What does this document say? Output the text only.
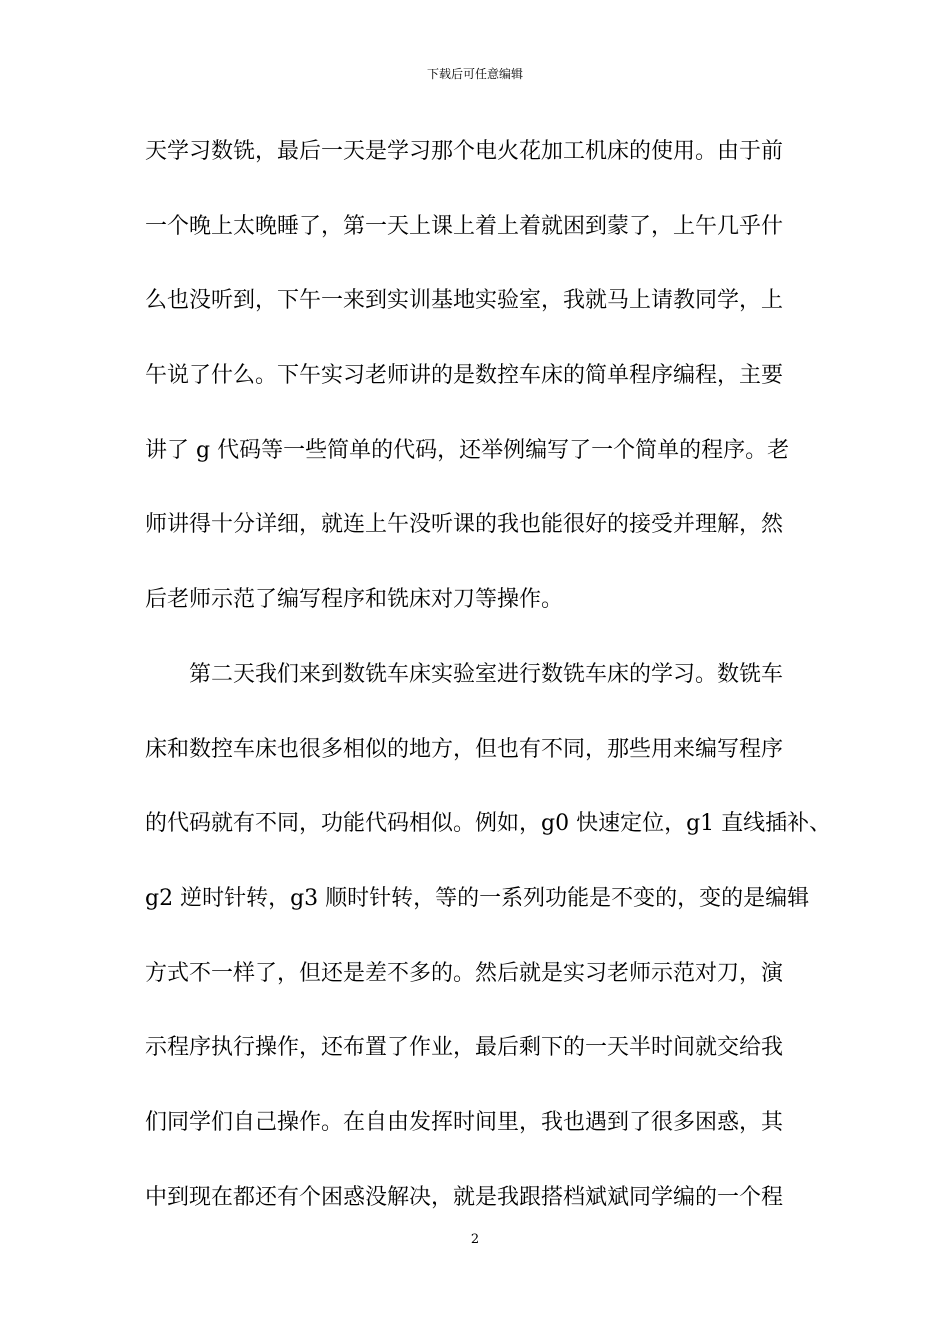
下载后可任意编辑
天学习数铣，最后一天是学习那个电火花加工机床的使用。由于前
一个晚上太晚睡了，第一天上课上着上着就困到蒙了，上午几乎什
么也没听到，下午一来到实训基地实验室，我就马上请教同学，上
午说了什么。下午实习老师讲的是数控车床的简单程序编程，主要
讲了 g 代码等一些简单的代码，还举例编写了一个简单的程序。老
师讲得十分详细，就连上午没听课的我也能很好的接受并理解，然
后老师示范了编写程序和铣床对刀等操作。
　　第二天我们来到数铣车床实验室进行数铣车床的学习。数铣车
床和数控车床也很多相似的地方，但也有不同，那些用来编写程序
的代码就有不同，功能代码相似。例如，g0 快速定位，g1 直线插补、
g2 逆时针转，g3 顺时针转，等的一系列功能是不变的，变的是编辑
方式不一样了，但还是差不多的。然后就是实习老师示范对刀，演
示程序执行操作，还布置了作业，最后剩下的一天半时间就交给我
们同学们自己操作。在自由发挥时间里，我也遇到了很多困惑，其
中到现在都还有个困惑没解决，就是我跟搭档斌斌同学编的一个程
2
